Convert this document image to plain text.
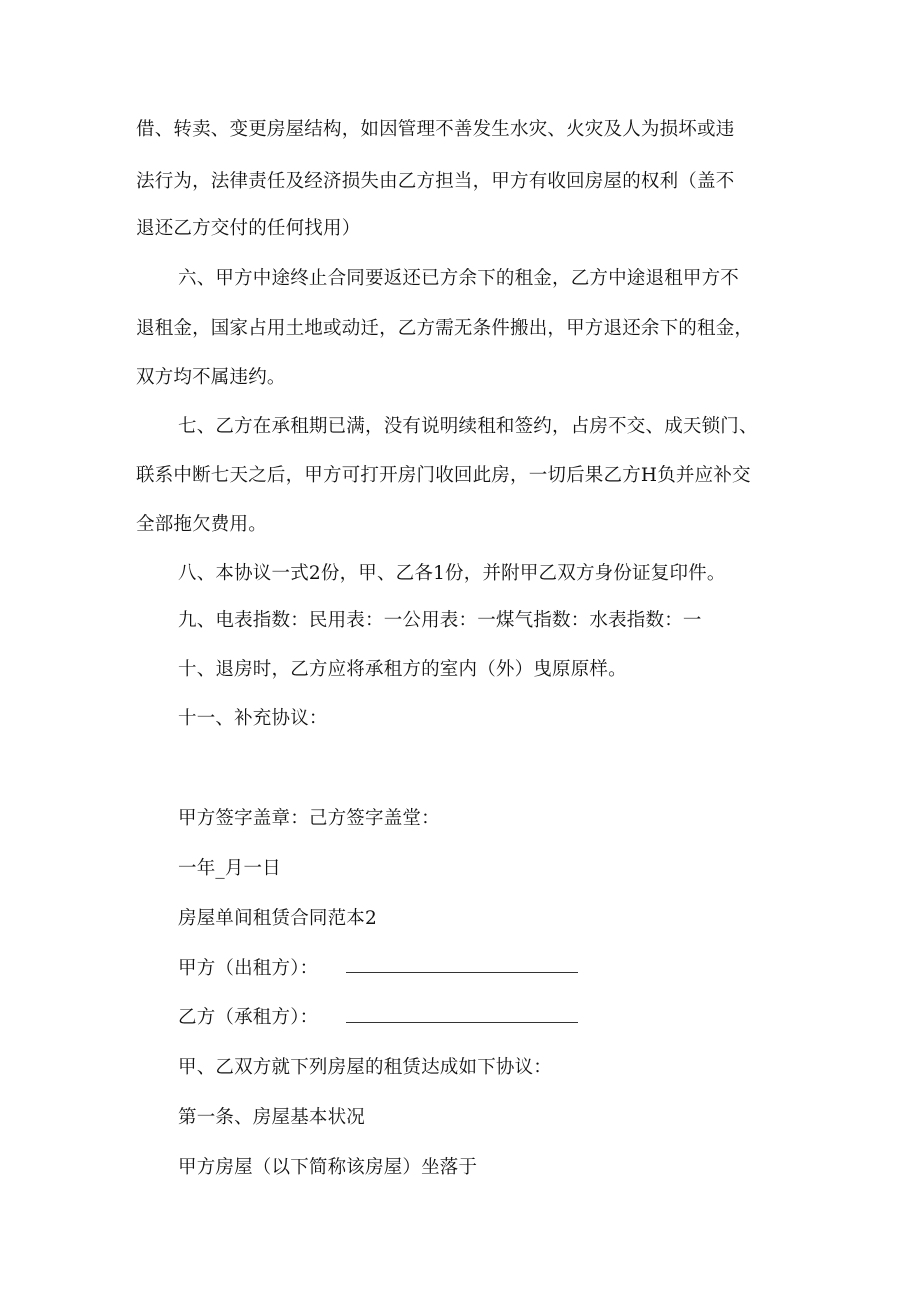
借、转卖、变更房屋结构，如因管理不善发生水灾、火灾及人为损坏或违
法行为，法律责任及经济损失由乙方担当，甲方有收回房屋的权利（盖不
退还乙方交付的任何找用）
六、甲方中途终止合同要返还已方余下的租金，乙方中途退租甲方不
退租金，国家占用土地或动迁，乙方需无条件搬出，甲方退还余下的租金，
双方均不属违约。
七、乙方在承租期已满，没有说明续租和签约，占房不交、成天锁门、
联系中断七天之后，甲方可打开房门收回此房，一切后果乙方H负并应补交
全部拖欠费用。
八、本协议一式2份，甲、乙各1份，并附甲乙双方身份证复印件。
九、电表指数：民用表：一公用表：一煤气指数：水表指数：一
十、退房时，乙方应将承租方的室内（外）曳原原样。
十一、补充协议：
甲方签字盖章：己方签字盖堂：
一年_月一日
房屋单间租赁合同范本2
甲方（出租方）：
乙方（承租方）：
甲、乙双方就下列房屋的租赁达成如下协议：
第一条、房屋基本状况
甲方房屋（以下简称该房屋）坐落于
